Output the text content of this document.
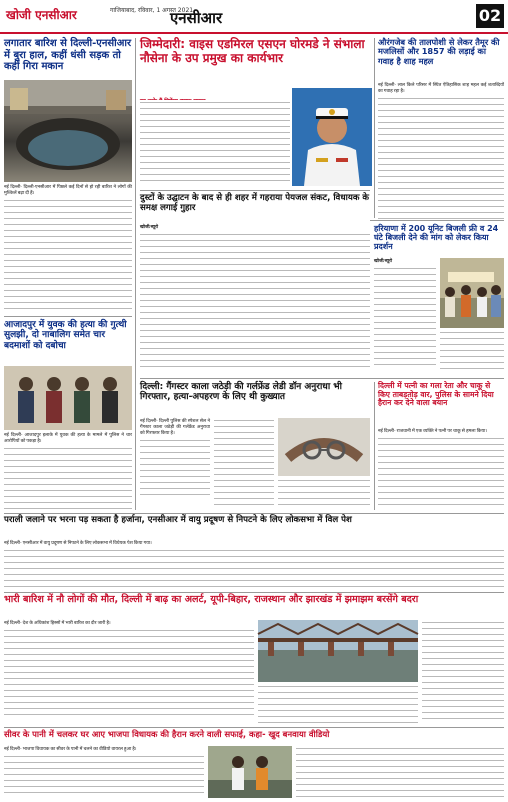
खोजी एनसीआर	गाजियाबाद, रविवार, 1 अगस्त 2021
एनसीआर	02
लगातार बारिश से दिल्ली-एनसीआर में बुरा हाल, कहीं धंसी सड़क तो कहीं गिरा मकान
नई दिल्ली- दिल्ली-एनसीआर में पिछले कई दिनों से हो रही बारिश ने लोगों की मुश्किलें बढ़ा दी हैं।
आजादपुर में युवक की हत्या की गुत्थी सुलझी, दो नाबालिग समेत चार बदमाशों को दबोचा
नई दिल्ली- आजादपुर इलाके में युवक की हत्या के मामले में पुलिस ने चार आरोपियों को पकड़ा है।
जिम्मेदारी: वाइस एडमिरल एसएन घोरमडे ने संभाला नौसेना के उप प्रमुख का कार्यभार
दुस्टों के उद्घाटन के बाद से ही शहर में गहराया पेयजल संकट, विधायक के समक्ष लगाई गुहार
खोजी/ब्यूरो
औरंगजेब की तालपोशी से लेकर तैमूर की मजलिसों और 1857 की लड़ाई का गवाह है शाह महल
नई दिल्ली- लाल किले परिसर में स्थित ऐतिहासिक शाह महल कई शताब्दियों का गवाह रहा है।
हरियाणा में 200 यूनिट बिजली फ्री व 24 घंटे बिजली देने की मांग को लेकर किया प्रदर्शन
खोजी/ब्यूरो
दिल्ली: गैंगस्टर काला जठेड़ी की गर्लफ्रेंड लेडी डॉन अनुराधा भी गिरफ्तार, हत्या-अपहरण के लिए थी कुख्यात
नई दिल्ली- दिल्ली पुलिस की स्पेशल सेल ने गैंगस्टर काला जठेड़ी की गर्लफ्रेंड अनुराधा को गिरफ्तार किया है।
दिल्ली में पत्नी का गला रेता और चाकू से किए ताबड़तोड़ वार, पुलिस के सामने दिया हैरान कर देने वाला बयान
नई दिल्ली- राजधानी में एक व्यक्ति ने पत्नी पर चाकू से हमला किया।
पराली जलाने पर भरना पड़ सकता है हर्जाना, एनसीआर में वायु प्रदूषण से निपटने के लिए लोकसभा में विल पेश
नई दिल्ली- एनसीआर में वायु प्रदूषण से निपटने के लिए लोकसभा में विधेयक पेश किया गया।
भारी बारिश में नौ लोगों की मौत, दिल्ली में बाढ़ का अलर्ट, यूपी-बिहार, राजस्थान और झारखंड में झमाझम बरसेंगे बदरा
नई दिल्ली- देश के अधिकांश हिस्सों में भारी बारिश का दौर जारी है।
सीवर के पानी में चलकर घर आए भाजपा विधायक की हैरान करने वाली सफाई, कहा- खुद बनवाया वीडियो
नई दिल्ली- भाजपा विधायक का सीवर के पानी में चलने का वीडियो वायरल हुआ है।
